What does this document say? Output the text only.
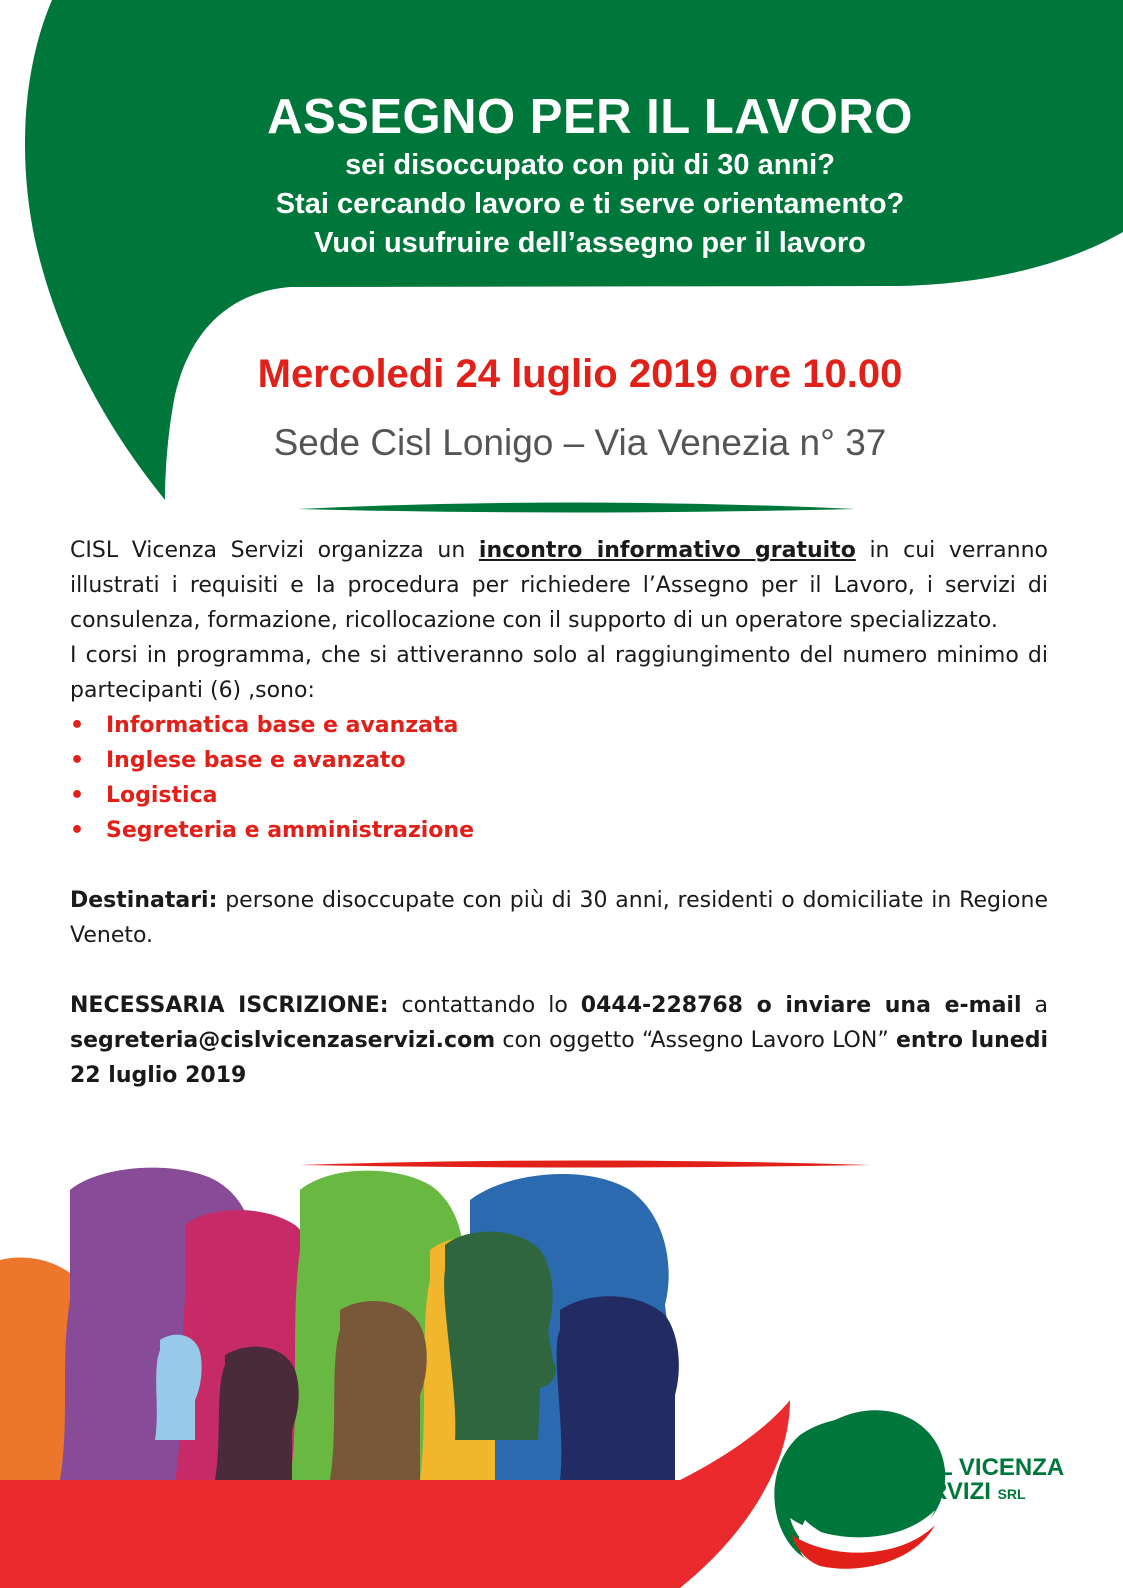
ASSEGNO PER IL LAVORO
sei disoccupato con più di 30 anni?
Stai cercando lavoro e ti serve orientamento?
Vuoi usufruire dell’assegno per il lavoro
Mercoledi 24 luglio 2019 ore 10.00
Sede Cisl Lonigo – Via Venezia n° 37

CISL Vicenza Servizi organizza un incontro informativo gratuito in cui verranno illustrati i requisiti e la procedura per richiedere l’Assegno per il Lavoro, i servizi di consulenza, formazione, ricollocazione con il supporto di un operatore specializzato.

I corsi in programma, che si attiveranno solo al raggiungimento del numero minimo di partecipanti (6) ,sono:

• Informatica base e avanzata
• Inglese base e avanzato
• Logistica
• Segreteria e amministrazione

Destinatari: persone disoccupate con più di 30 anni, residenti o domiciliate in Regione Veneto.

NECESSARIA ISCRIZIONE: contattando lo 0444-228768 o inviare una e-mail a segreteria@cislvicenzaservizi.com con oggetto “Assegno Lavoro LON” entro lunedi 22 luglio 2019

CISL VICENZA
SERVIZI SRL
